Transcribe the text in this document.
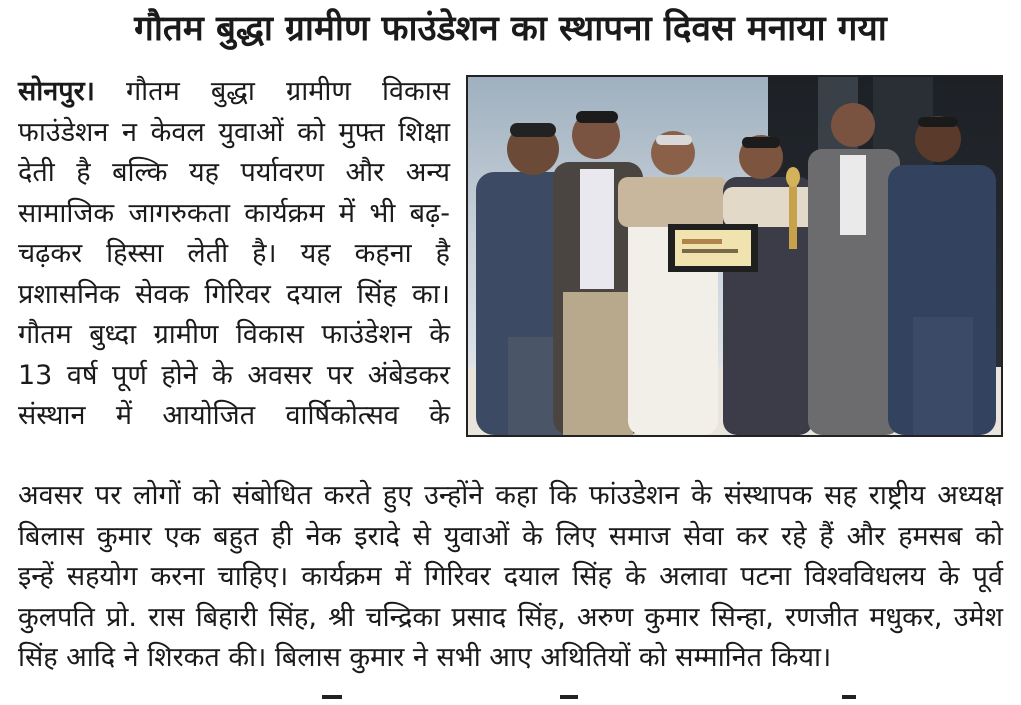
गौतम बुद्धा ग्रामीण फाउंडेशन का स्थापना दिवस मनाया गया
सोनपुर। गौतम बुद्धा ग्रामीण विकास
फाउंडेशन न केवल युवाओं को मुफ्त शिक्षा
देती है बल्कि यह पर्यावरण और अन्य
सामाजिक जागरुकता कार्यक्रम में भी बढ़-
चढ़कर हिस्सा लेती है। यह कहना है
प्रशासनिक सेवक गिरिवर दयाल सिंह का।
गौतम बुध्दा ग्रामीण विकास फाउंडेशन के
13 वर्ष पूर्ण होने के अवसर पर अंबेडकर
संस्थान में आयोजित वार्षिकोत्सव के
अवसर पर लोगों को संबोधित करते हुए उन्होंने कहा कि फांउडेशन के संस्थापक सह राष्ट्रीय अध्यक्ष
बिलास कुमार एक बहुत ही नेक इरादे से युवाओं के लिए समाज सेवा कर रहे हैं और हमसब को
इन्हें सहयोग करना चाहिए। कार्यक्रम में गिरिवर दयाल सिंह के अलावा पटना विश्वविधलय के पूर्व
कुलपति प्रो. रास बिहारी सिंह, श्री चन्द्रिका प्रसाद सिंह, अरुण कुमार सिन्हा, रणजीत मधुकर, उमेश
सिंह आदि ने शिरकत की। बिलास कुमार ने सभी आए अथितियों को सम्मानित किया।
